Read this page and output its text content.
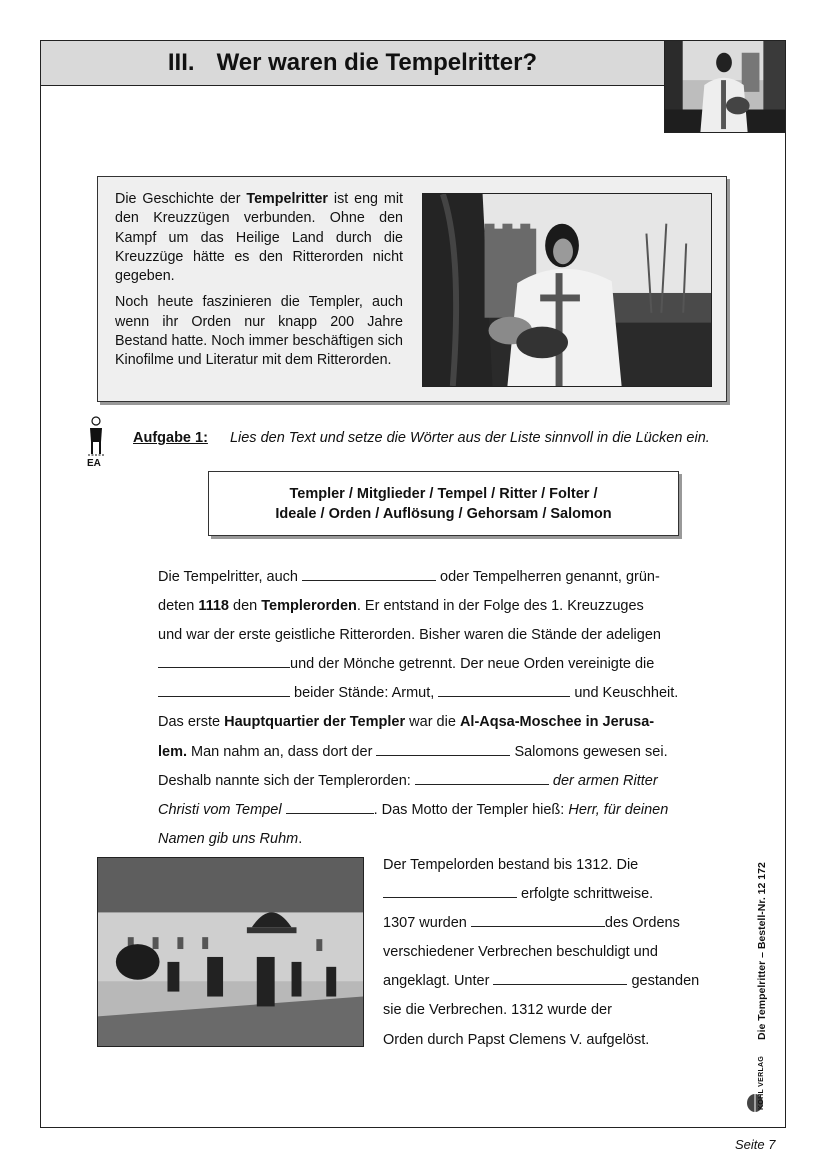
III. Wer waren die Tempelritter?

Die Geschichte der Tempelritter ist eng mit den Kreuzzügen verbunden. Ohne den Kampf um das Heilige Land durch die Kreuzzüge hätte es den Ritterorden nicht gegeben.

Noch heute faszinieren die Templer, auch wenn ihr Orden nur knapp 200 Jahre Bestand hatte. Noch immer beschäftigen sich Kinofilme und Literatur mit dem Ritterorden.

EA
Aufgabe 1: Lies den Text und setze die Wörter aus der Liste sinnvoll in die Lücken ein.
Templer / Mitglieder / Tempel / Ritter / Folter /
Ideale / Orden / Auflösung / Gehorsam / Salomon
Die Tempelritter, auch	oder Tempelherren genannt, grün-
deten 1118 den Templerorden. Er entstand in der Folge des 1. Kreuzzuges
und war der erste geistliche Ritterorden. Bisher waren die Stände der adeligen
und der Mönche getrennt. Der neue Orden vereinigte die
beider Stände: Armut,	und Keuschheit.
Das erste Hauptquartier der Templer war die Al-Aqsa-Moschee in Jerusa-
lem. Man nahm an, dass dort der	Salomons gewesen sei.
Deshalb nannte sich der Templerorden:	der armen Ritter
Christi vom Tempel	. Das Motto der Templer hieß: Herr, für deinen
Namen gib uns Ruhm.
Der Tempelorden bestand bis 1312. Die
erfolgte schrittweise.
1307 wurden	des Ordens
verschiedener Verbrechen beschuldigt und
angeklagt. Unter	gestanden
sie die Verbrechen. 1312 wurde der
Orden durch Papst Clemens V. aufgelöst.	Die Tempelritter – Bestell-Nr. 12 172
KOHL VERLAG
Seite 7
